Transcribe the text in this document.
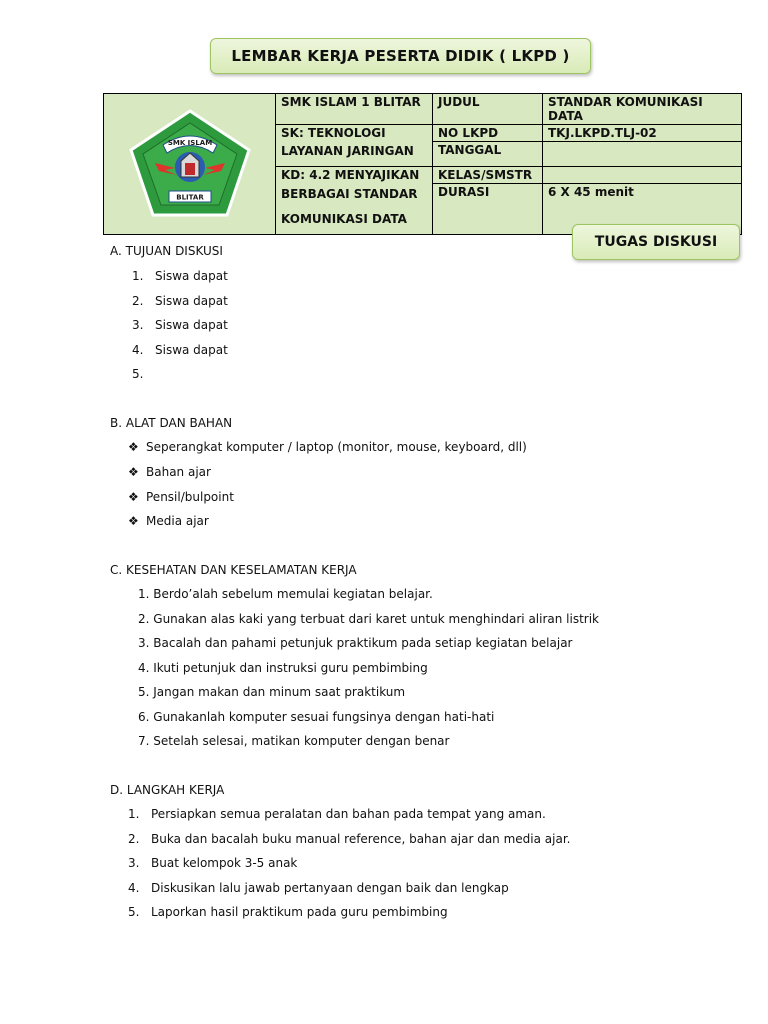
LEMBAR KERJA PESERTA DIDIK ( LKPD )
SMK ISLAM
BLITAR	SMK ISLAM 1 BLITAR	JUDUL	STANDAR KOMUNIKASI DATA

	SK: TEKNOLOGI
LAYANAN JARINGAN	NO LKPD	TKJ.LKPD.TLJ-02
		TANGGAL	

	KD: 4.2 MENYAJIKAN
BERBAGAI STANDAR
KOMUNIKASI DATA	KELAS/SMSTR	
		DURASI	6 X 45 menit
TUGAS DISKUSI
A. TUJUAN DISKUSI
1. Siswa dapat
2. Siswa dapat
3. Siswa dapat
4. Siswa dapat
5.
B. ALAT DAN BAHAN
❖ Seperangkat komputer / laptop (monitor, mouse, keyboard, dll)
❖ Bahan ajar
❖ Pensil/bulpoint
❖ Media ajar
C. KESEHATAN DAN KESELAMATAN KERJA
1. Berdo’alah sebelum memulai kegiatan belajar.
2. Gunakan alas kaki yang terbuat dari karet untuk menghindari aliran listrik
3. Bacalah dan pahami petunjuk praktikum pada setiap kegiatan belajar
4. Ikuti petunjuk dan instruksi guru pembimbing
5. Jangan makan dan minum saat praktikum
6. Gunakanlah komputer sesuai fungsinya dengan hati-hati
7. Setelah selesai, matikan komputer dengan benar
D. LANGKAH KERJA
1. Persiapkan semua peralatan dan bahan pada tempat yang aman.
2. Buka dan bacalah buku manual reference, bahan ajar dan media ajar.
3. Buat kelompok 3-5 anak
4. Diskusikan lalu jawab pertanyaan dengan baik dan lengkap
5. Laporkan hasil praktikum pada guru pembimbing
